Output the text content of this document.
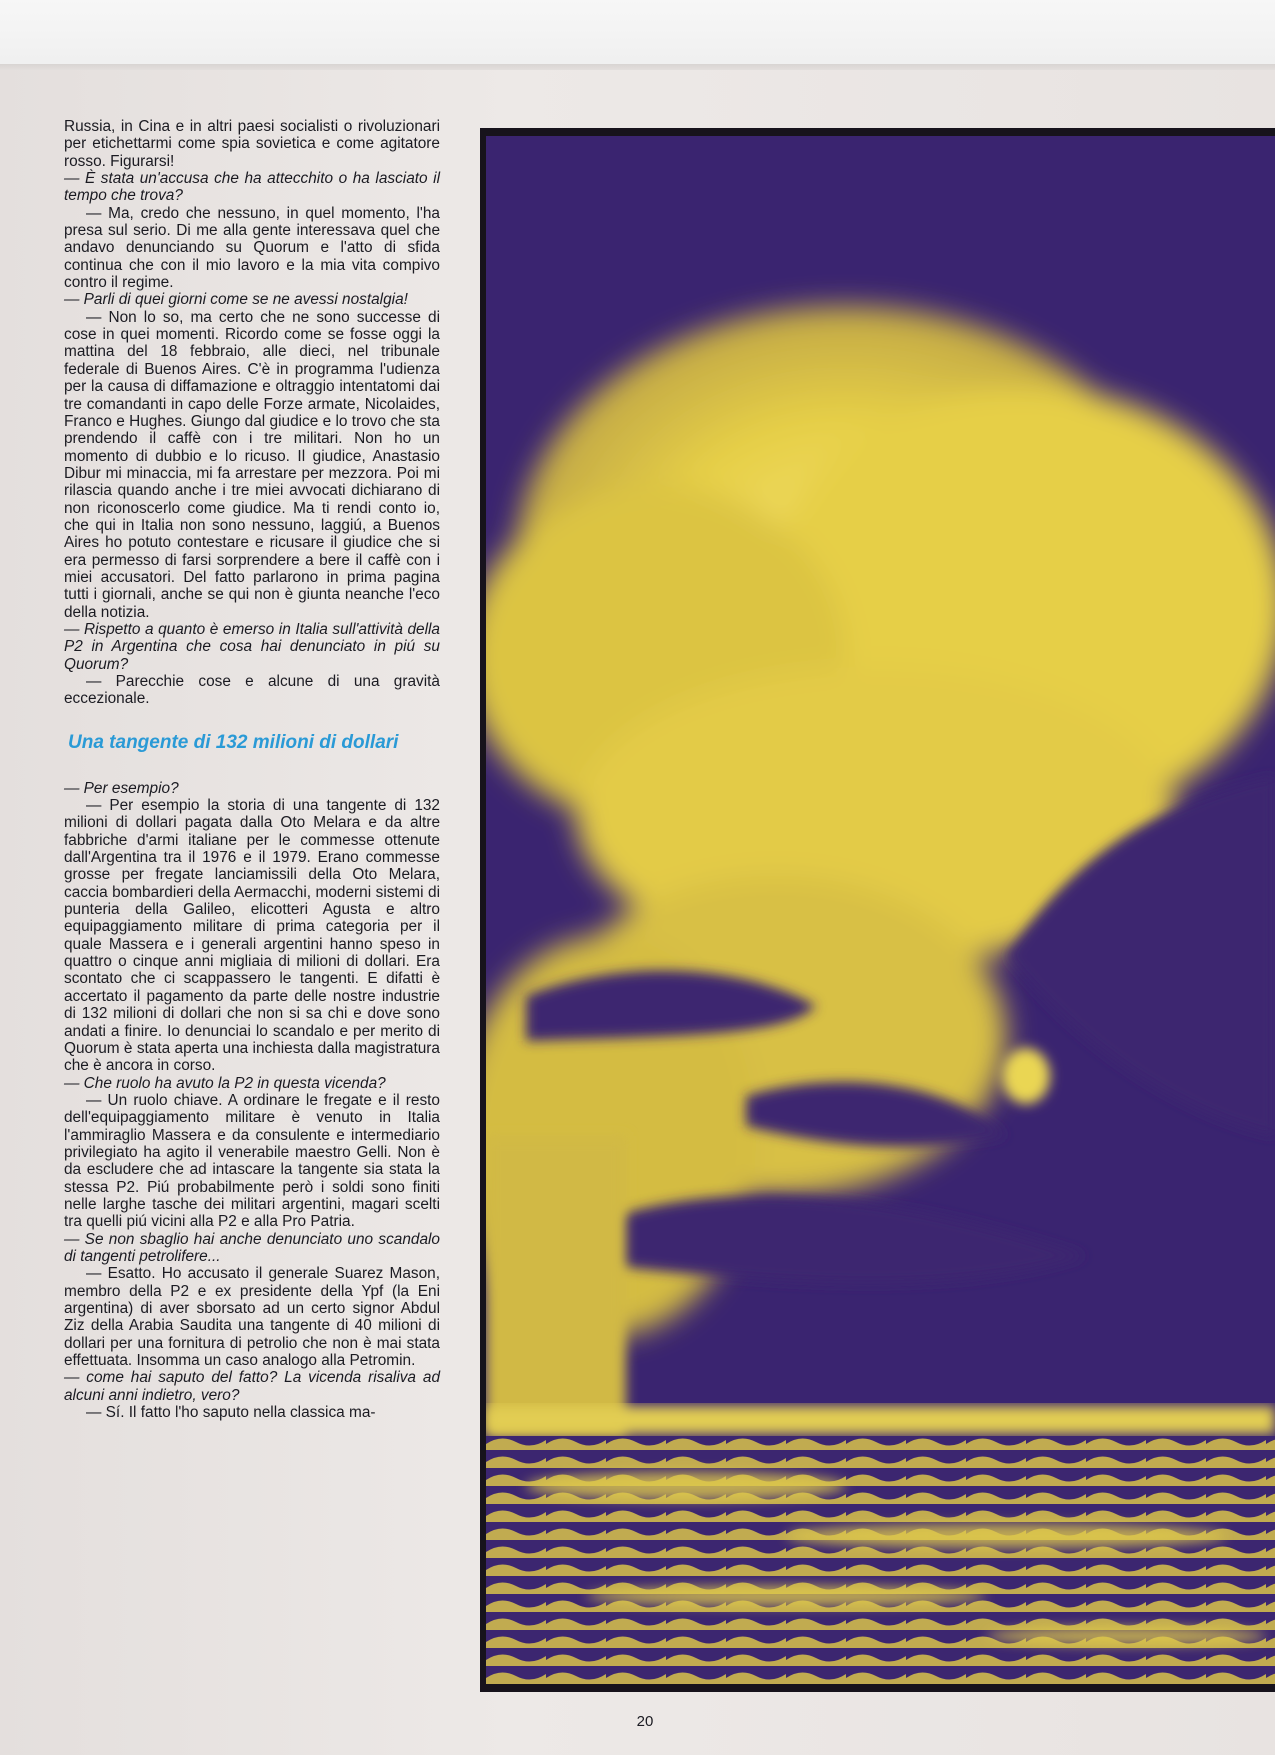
Russia, in Cina e in altri paesi socialisti o rivoluzionari per etichettarmi come spia sovietica e come agitatore rosso. Figurarsi!

— È stata un'accusa che ha attecchito o ha lasciato il tempo che trova?

— Ma, credo che nessuno, in quel momento, l'ha presa sul serio. Di me alla gente interessava quel che andavo denunciando su Quorum e l'atto di sfida continua che con il mio lavoro e la mia vita compivo contro il regime.

— Parli di quei giorni come se ne avessi nostalgia!

— Non lo so, ma certo che ne sono successe di cose in quei momenti. Ricordo come se fosse oggi la mattina del 18 febbraio, alle dieci, nel tribunale federale di Buenos Aires. C'è in programma l'udienza per la causa di diffamazione e oltraggio intentatomi dai tre comandanti in capo delle Forze armate, Nicolaides, Franco e Hughes. Giungo dal giudice e lo trovo che sta prendendo il caffè con i tre militari. Non ho un momento di dubbio e lo ricuso. Il giudice, Anastasio Dibur mi minaccia, mi fa arrestare per mezzora. Poi mi rilascia quando anche i tre miei avvocati dichiarano di non riconoscerlo come giudice. Ma ti rendi conto io, che qui in Italia non sono nessuno, laggiú, a Buenos Aires ho potuto contestare e ricusare il giudice che si era permesso di farsi sorprendere a bere il caffè con i miei accusatori. Del fatto parlarono in prima pagina tutti i giornali, anche se qui non è giunta neanche l'eco della notizia.

— Rispetto a quanto è emerso in Italia sull'attività della P2 in Argentina che cosa hai denunciato in piú su Quorum?

— Parecchie cose e alcune di una gravità eccezionale.

Una tangente di 132 milioni di dollari

— Per esempio?

— Per esempio la storia di una tangente di 132 milioni di dollari pagata dalla Oto Melara e da altre fabbriche d'armi italiane per le commesse ottenute dall'Argentina tra il 1976 e il 1979. Erano commesse grosse per fregate lanciamissili della Oto Melara, caccia bombardieri della Aermacchi, moderni sistemi di punteria della Galileo, elicotteri Agusta e altro equipaggiamento militare di prima categoria per il quale Massera e i generali argentini hanno speso in quattro o cinque anni migliaia di milioni di dollari. Era scontato che ci scappassero le tangenti. E difatti è accertato il pagamento da parte delle nostre industrie di 132 milioni di dollari che non si sa chi e dove sono andati a finire. Io denunciai lo scandalo e per merito di Quorum è stata aperta una inchiesta dalla magistratura che è ancora in corso.

— Che ruolo ha avuto la P2 in questa vicenda?

— Un ruolo chiave. A ordinare le fregate e il resto dell'equipaggiamento militare è venuto in Italia l'ammiraglio Massera e da consulente e intermediario privilegiato ha agito il venerabile maestro Gelli. Non è da escludere che ad intascare la tangente sia stata la stessa P2. Piú probabilmente però i soldi sono finiti nelle larghe tasche dei militari argentini, magari scelti tra quelli piú vicini alla P2 e alla Pro Patria.

— Se non sbaglio hai anche denunciato uno scandalo di tangenti petrolifere...

— Esatto. Ho accusato il generale Suarez Mason, membro della P2 e ex presidente della Ypf (la Eni argentina) di aver sborsato ad un certo signor Abdul Ziz della Arabia Saudita una tangente di 40 milioni di dollari per una fornitura di petrolio che non è mai stata effettuata. Insomma un caso analogo alla Petromin.

— come hai saputo del fatto? La vicenda risaliva ad alcuni anni indietro, vero?

— Sí. Il fatto l'ho saputo nella classica ma-

20
